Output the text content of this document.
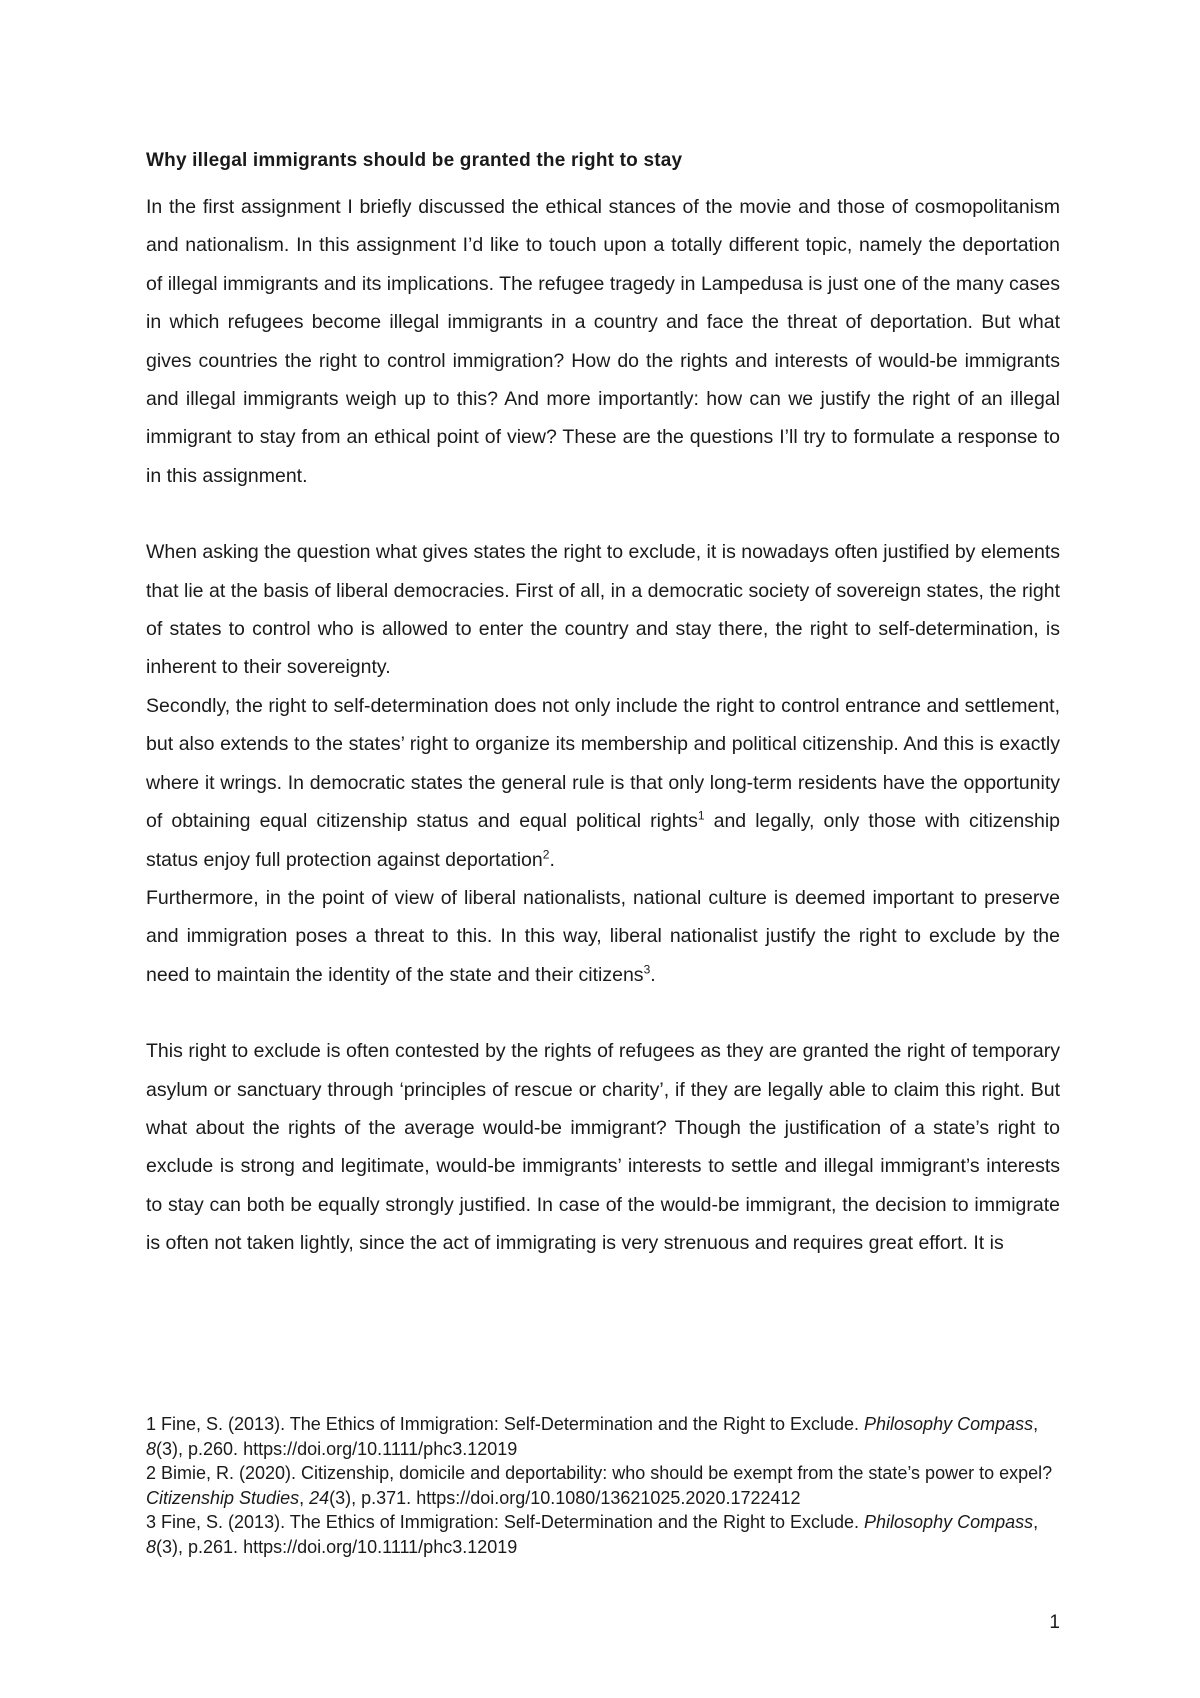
Why illegal immigrants should be granted the right to stay

In the first assignment I briefly discussed the ethical stances of the movie and those of cosmopolitanism and nationalism. In this assignment I’d like to touch upon a totally different topic, namely the deportation of illegal immigrants and its implications. The refugee tragedy in Lampedusa is just one of the many cases in which refugees become illegal immigrants in a country and face the threat of deportation. But what gives countries the right to control immigration? How do the rights and interests of would-be immigrants and illegal immigrants weigh up to this? And more importantly: how can we justify the right of an illegal immigrant to stay from an ethical point of view? These are the questions I’ll try to formulate a response to in this assignment.

When asking the question what gives states the right to exclude, it is nowadays often justified by elements that lie at the basis of liberal democracies. First of all, in a democratic society of sovereign states, the right of states to control who is allowed to enter the country and stay there, the right to self-determination, is inherent to their sovereignty.

Secondly, the right to self-determination does not only include the right to control entrance and settlement, but also extends to the states’ right to organize its membership and political citizenship. And this is exactly where it wrings. In democratic states the general rule is that only long-term residents have the opportunity of obtaining equal citizenship status and equal political rights$^1$ and legally, only those with citizenship status enjoy full protection against deportation$^2$.

Furthermore, in the point of view of liberal nationalists, national culture is deemed important to preserve and immigration poses a threat to this. In this way, liberal nationalist justify the right to exclude by the need to maintain the identity of the state and their citizens$^3$.

This right to exclude is often contested by the rights of refugees as they are granted the right of temporary asylum or sanctuary through ‘principles of rescue or charity’, if they are legally able to claim this right. But what about the rights of the average would-be immigrant? Though the justification of a state’s right to exclude is strong and legitimate, would-be immigrants’ interests to settle and illegal immigrant’s interests to stay can both be equally strongly justified. In case of the would-be immigrant, the decision to immigrate is often not taken lightly, since the act of immigrating is very strenuous and requires great effort. It is

1 Fine, S. (2013). The Ethics of Immigration: Self-Determination and the Right to Exclude. Philosophy Compass, 8(3), p.260. https://doi.org/10.1111/phc3.12019

2 Bimie, R. (2020). Citizenship, domicile and deportability: who should be exempt from the state’s power to expel? Citizenship Studies, 24(3), p.371. https://doi.org/10.1080/13621025.2020.1722412

3 Fine, S. (2013). The Ethics of Immigration: Self-Determination and the Right to Exclude. Philosophy Compass, 8(3), p.261. https://doi.org/10.1111/phc3.12019

1
